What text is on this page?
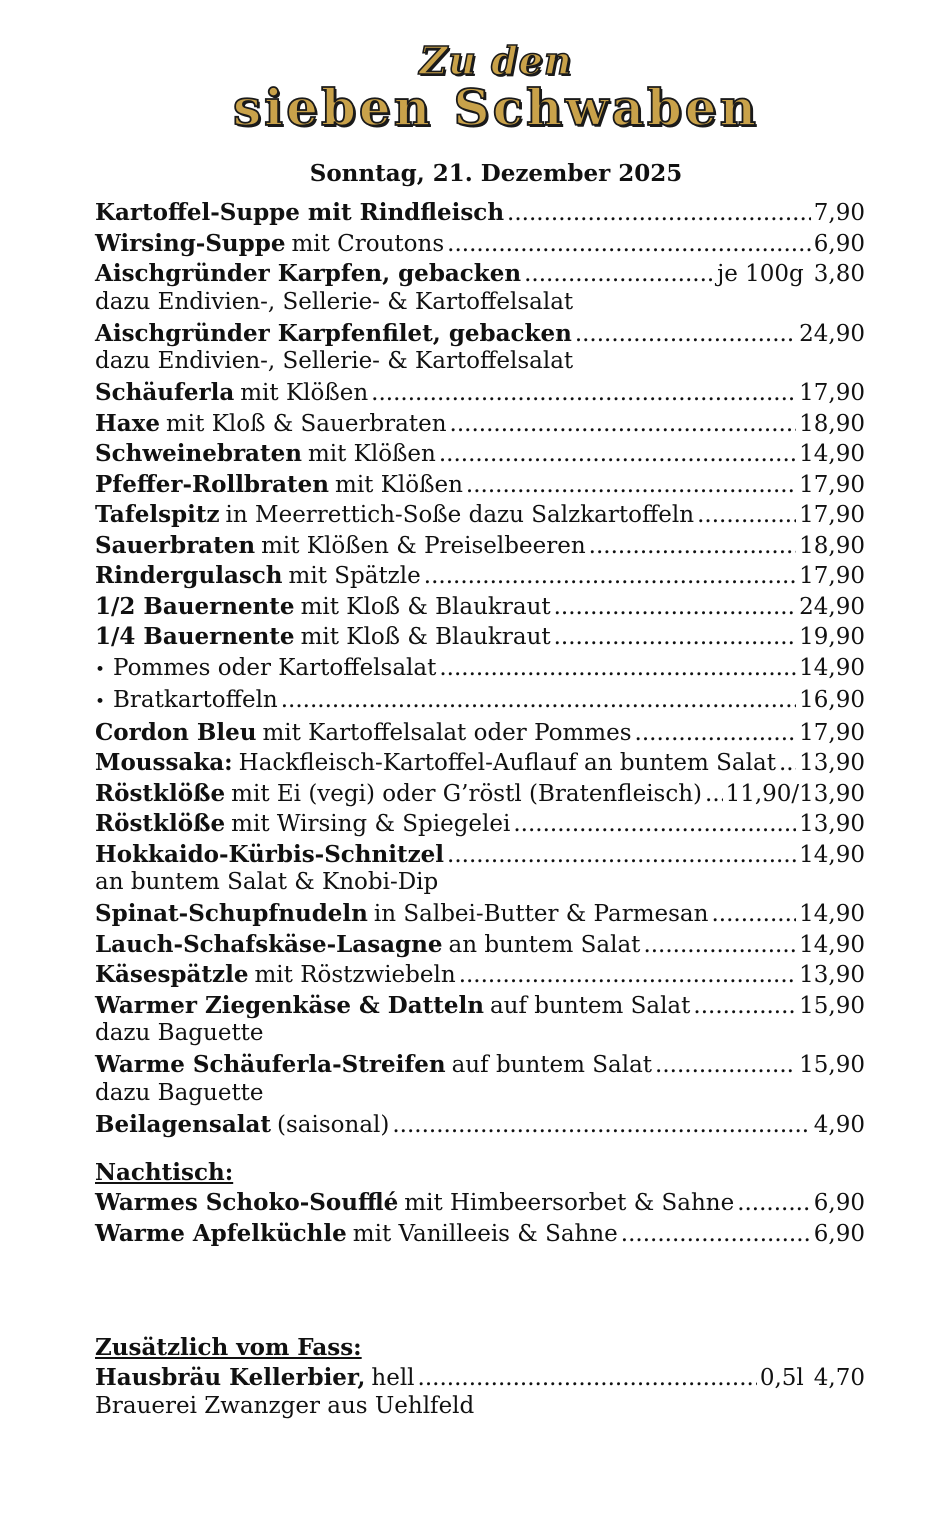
Zu den
sieben Schwaben
Sonntag, 21. Dezember 2025
Kartoffel-Suppe mit Rindfleisch .....	7,90
Wirsing-Suppe mit Croutons .....	6,90
Aischgründer Karpfen, gebacken .....	je 100g 3,80
dazu Endivien-, Sellerie- & Kartoffelsalat
Aischgründer Karpfenfilet, gebacken .....	24,90
dazu Endivien-, Sellerie- & Kartoffelsalat
Schäuferla mit Klößen .....	17,90
Haxe mit Kloß & Sauerbraten .....	18,90
Schweinebraten mit Klößen .....	14,90
Pfeffer-Rollbraten mit Klößen .....	17,90
Tafelspitz in Meerrettich-Soße dazu Salzkartoffeln .....	17,90
Sauerbraten mit Klößen & Preiselbeeren .....	18,90
Rindergulasch mit Spätzle .....	17,90
1/2 Bauernente mit Kloß & Blaukraut .....	24,90
1/4 Bauernente mit Kloß & Blaukraut .....	19,90
• Pommes oder Kartoffelsalat .....	14,90
• Bratkartoffeln .....	16,90
Cordon Bleu mit Kartoffelsalat oder Pommes .....	17,90
Moussaka: Hackfleisch-Kartoffel-Auflauf an buntem Salat ..... 13,90
Röstklöße mit Ei (vegi) oder G’röstl (Bratenfleisch) ..... 11,90/13,90
Röstklöße mit Wirsing & Spiegelei .....	13,90
Hokkaido-Kürbis-Schnitzel .....	14,90
an buntem Salat & Knobi-Dip
Spinat-Schupfnudeln in Salbei-Butter & Parmesan .....	14,90
Lauch-Schafskäse-Lasagne an buntem Salat .....	14,90
Käsespätzle mit Röstzwiebeln .....	13,90
Warmer Ziegenkäse & Datteln auf buntem Salat .....	15,90
dazu Baguette
Warme Schäuferla-Streifen auf buntem Salat .....	15,90
dazu Baguette
Beilagensalat (saisonal) .....	4,90
Nachtisch:
Warmes Schoko-Soufflé mit Himbeersorbet & Sahne .....	6,90
Warme Apfelküchle mit Vanilleeis & Sahne .....	6,90
Zusätzlich vom Fass:
Hausbräu Kellerbier, hell .....	0,5l 4,70
Brauerei Zwanzger aus Uehlfeld
